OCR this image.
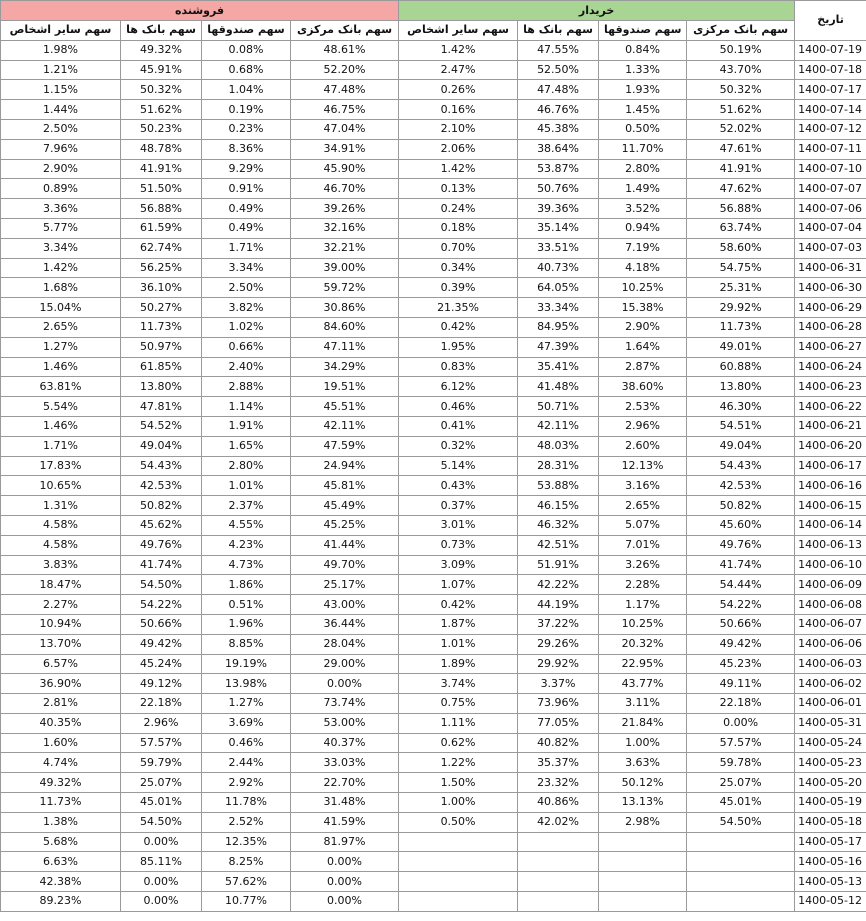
فروشنده				خریدار				تاریخ
سهم سایر اشخاص	سهم بانک ها	سهم صندوقها	سهم بانک مرکزی	سهم سایر اشخاص	سهم بانک ها	سهم صندوقها	سهم بانک مرکزی	
1.98%	49.32%	0.08%	48.61%	1.42%	47.55%	0.84%	50.19%	1400-07-19
1.21%	45.91%	0.68%	52.20%	2.47%	52.50%	1.33%	43.70%	1400-07-18
1.15%	50.32%	1.04%	47.48%	0.26%	47.48%	1.93%	50.32%	1400-07-17
1.44%	51.62%	0.19%	46.75%	0.16%	46.76%	1.45%	51.62%	1400-07-14
2.50%	50.23%	0.23%	47.04%	2.10%	45.38%	0.50%	52.02%	1400-07-12
7.96%	48.78%	8.36%	34.91%	2.06%	38.64%	11.70%	47.61%	1400-07-11
2.90%	41.91%	9.29%	45.90%	1.42%	53.87%	2.80%	41.91%	1400-07-10
0.89%	51.50%	0.91%	46.70%	0.13%	50.76%	1.49%	47.62%	1400-07-07
3.36%	56.88%	0.49%	39.26%	0.24%	39.36%	3.52%	56.88%	1400-07-06
5.77%	61.59%	0.49%	32.16%	0.18%	35.14%	0.94%	63.74%	1400-07-04
3.34%	62.74%	1.71%	32.21%	0.70%	33.51%	7.19%	58.60%	1400-07-03
1.42%	56.25%	3.34%	39.00%	0.34%	40.73%	4.18%	54.75%	1400-06-31
1.68%	36.10%	2.50%	59.72%	0.39%	64.05%	10.25%	25.31%	1400-06-30
15.04%	50.27%	3.82%	30.86%	21.35%	33.34%	15.38%	29.92%	1400-06-29
2.65%	11.73%	1.02%	84.60%	0.42%	84.95%	2.90%	11.73%	1400-06-28
1.27%	50.97%	0.66%	47.11%	1.95%	47.39%	1.64%	49.01%	1400-06-27
1.46%	61.85%	2.40%	34.29%	0.83%	35.41%	2.87%	60.88%	1400-06-24
63.81%	13.80%	2.88%	19.51%	6.12%	41.48%	38.60%	13.80%	1400-06-23
5.54%	47.81%	1.14%	45.51%	0.46%	50.71%	2.53%	46.30%	1400-06-22
1.46%	54.52%	1.91%	42.11%	0.41%	42.11%	2.96%	54.51%	1400-06-21
1.71%	49.04%	1.65%	47.59%	0.32%	48.03%	2.60%	49.04%	1400-06-20
17.83%	54.43%	2.80%	24.94%	5.14%	28.31%	12.13%	54.43%	1400-06-17
10.65%	42.53%	1.01%	45.81%	0.43%	53.88%	3.16%	42.53%	1400-06-16
1.31%	50.82%	2.37%	45.49%	0.37%	46.15%	2.65%	50.82%	1400-06-15
4.58%	45.62%	4.55%	45.25%	3.01%	46.32%	5.07%	45.60%	1400-06-14
4.58%	49.76%	4.23%	41.44%	0.73%	42.51%	7.01%	49.76%	1400-06-13
3.83%	41.74%	4.73%	49.70%	3.09%	51.91%	3.26%	41.74%	1400-06-10
18.47%	54.50%	1.86%	25.17%	1.07%	42.22%	2.28%	54.44%	1400-06-09
2.27%	54.22%	0.51%	43.00%	0.42%	44.19%	1.17%	54.22%	1400-06-08
10.94%	50.66%	1.96%	36.44%	1.87%	37.22%	10.25%	50.66%	1400-06-07
13.70%	49.42%	8.85%	28.04%	1.01%	29.26%	20.32%	49.42%	1400-06-06
6.57%	45.24%	19.19%	29.00%	1.89%	29.92%	22.95%	45.23%	1400-06-03
36.90%	49.12%	13.98%	0.00%	3.74%	3.37%	43.77%	49.11%	1400-06-02
2.81%	22.18%	1.27%	73.74%	0.75%	73.96%	3.11%	22.18%	1400-06-01
40.35%	2.96%	3.69%	53.00%	1.11%	77.05%	21.84%	0.00%	1400-05-31
1.60%	57.57%	0.46%	40.37%	0.62%	40.82%	1.00%	57.57%	1400-05-24
4.74%	59.79%	2.44%	33.03%	1.22%	35.37%	3.63%	59.78%	1400-05-23
49.32%	25.07%	2.92%	22.70%	1.50%	23.32%	50.12%	25.07%	1400-05-20
11.73%	45.01%	11.78%	31.48%	1.00%	40.86%	13.13%	45.01%	1400-05-19
1.38%	54.50%	2.52%	41.59%	0.50%	42.02%	2.98%	54.50%	1400-05-18
5.68%	0.00%	12.35%	81.97%					1400-05-17
6.63%	85.11%	8.25%	0.00%					1400-05-16
42.38%	0.00%	57.62%	0.00%					1400-05-13
89.23%	0.00%	10.77%	0.00%					1400-05-12
